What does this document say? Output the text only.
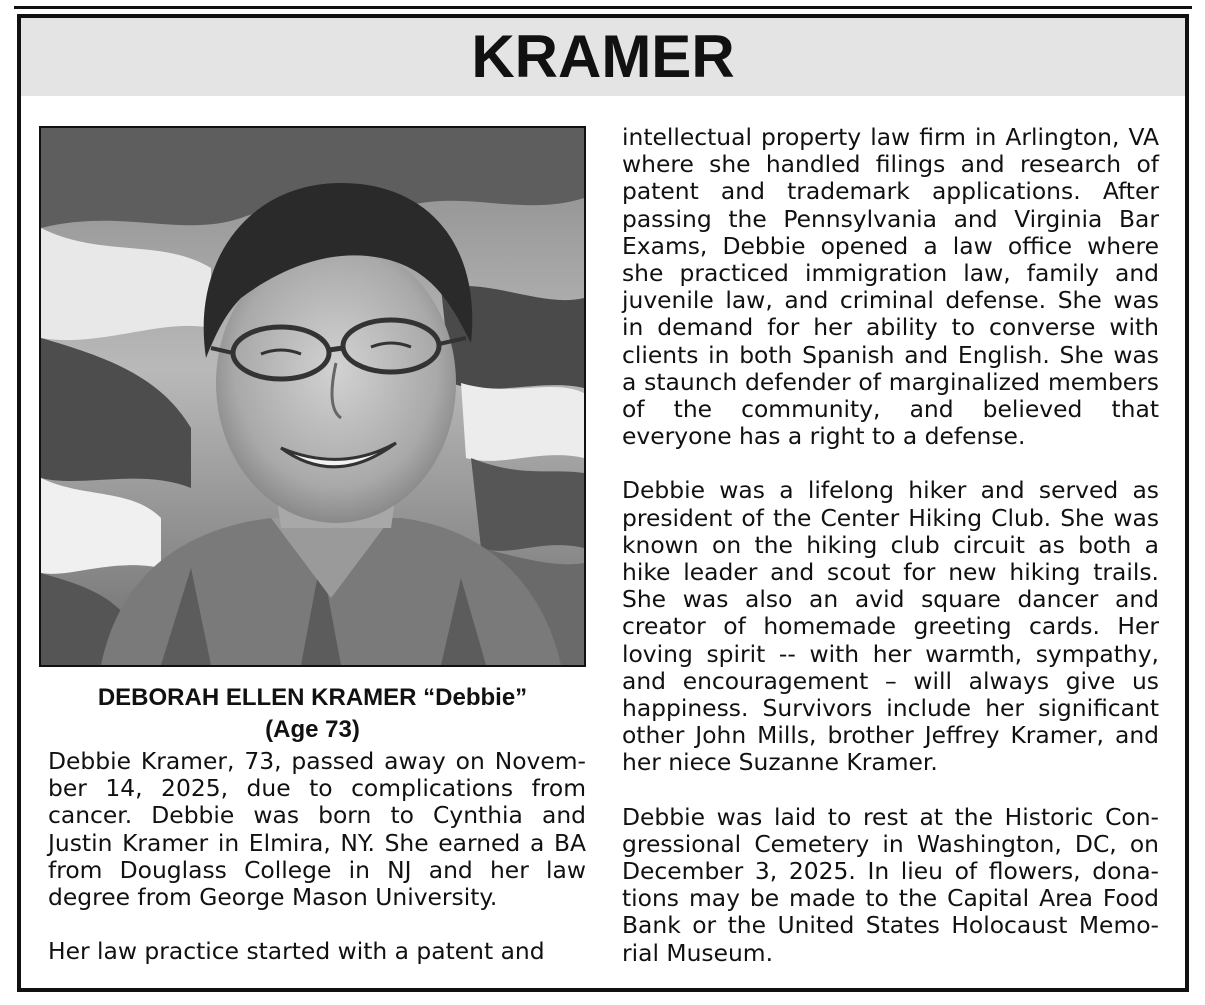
KRAMER
DEBORAH ELLEN KRAMER “Debbie”
(Age 73)

Debbie Kramer, 73, passed away on November 14, 2025, due to complications from cancer. Debbie was born to Cynthia and Justin Kramer in Elmira, NY. She earned a BA from Douglass College in NJ and her law degree from George Mason University.

Her law practice started with a patent and

intellectual property law firm in Arlington, VA where she handled filings and research of patent and trademark applications. After passing the Pennsylvania and Virginia Bar Exams, Debbie opened a law office where she practiced immigration law, family and juvenile law, and criminal defense. She was in demand for her ability to converse with clients in both Spanish and English. She was a staunch defender of marginalized members of the community, and believed that everyone has a right to a defense.

Debbie was a lifelong hiker and served as president of the Center Hiking Club. She was known on the hiking club circuit as both a hike leader and scout for new hiking trails. She was also an avid square dancer and creator of homemade greeting cards. Her loving spirit -- with her warmth, sympathy, and encouragement – will always give us happiness. Survivors include her significant other John Mills, brother Jeffrey Kramer, and her niece Suzanne Kramer.

Debbie was laid to rest at the Historic Congressional Cemetery in Washington, DC, on December 3, 2025. In lieu of flowers, donations may be made to the Capital Area Food Bank or the United States Holocaust Memorial Museum.
